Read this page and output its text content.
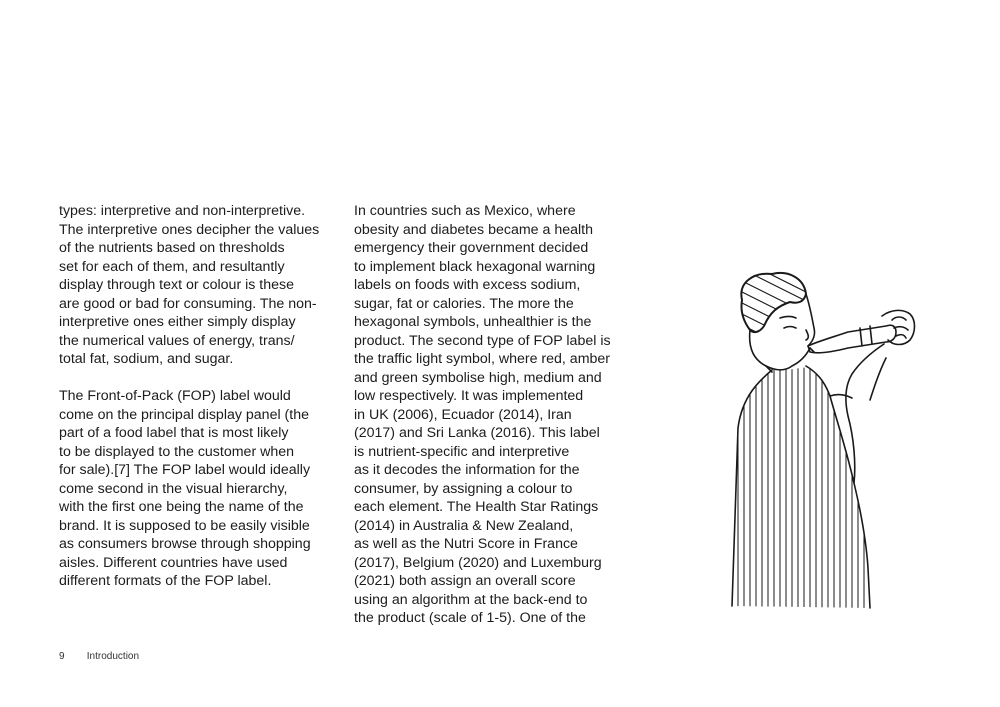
types: interpretive and non-interpretive.
The interpretive ones decipher the values
of the nutrients based on thresholds
set for each of them, and resultantly
display through text or colour is these
are good or bad for consuming. The non-
interpretive ones either simply display
the numerical values of energy, trans/
total fat, sodium, and sugar.
The Front-of-Pack (FOP) label would
come on the principal display panel (the
part of a food label that is most likely
to be displayed to the customer when
for sale).[7] The FOP label would ideally
come second in the visual hierarchy,
with the first one being the name of the
brand. It is supposed to be easily visible
as consumers browse through shopping
aisles. Different countries have used
different formats of the FOP label.
In countries such as Mexico, where
obesity and diabetes became a health
emergency their government decided
to implement black hexagonal warning
labels on foods with excess sodium,
sugar, fat or calories. The more the
hexagonal symbols, unhealthier is the
product. The second type of FOP label is
the traffic light symbol, where red, amber
and green symbolise high, medium and
low respectively. It was implemented
in UK (2006), Ecuador (2014), Iran
(2017) and Sri Lanka (2016). This label
is nutrient-specific and interpretive
as it decodes the information for the
consumer, by assigning a colour to
each element. The Health Star Ratings
(2014) in Australia & New Zealand,
as well as the Nutri Score in France
(2017), Belgium (2020) and Luxemburg
(2021) both assign an overall score
using an algorithm at the back-end to
the product (scale of 1-5). One of the
9 Introduction
